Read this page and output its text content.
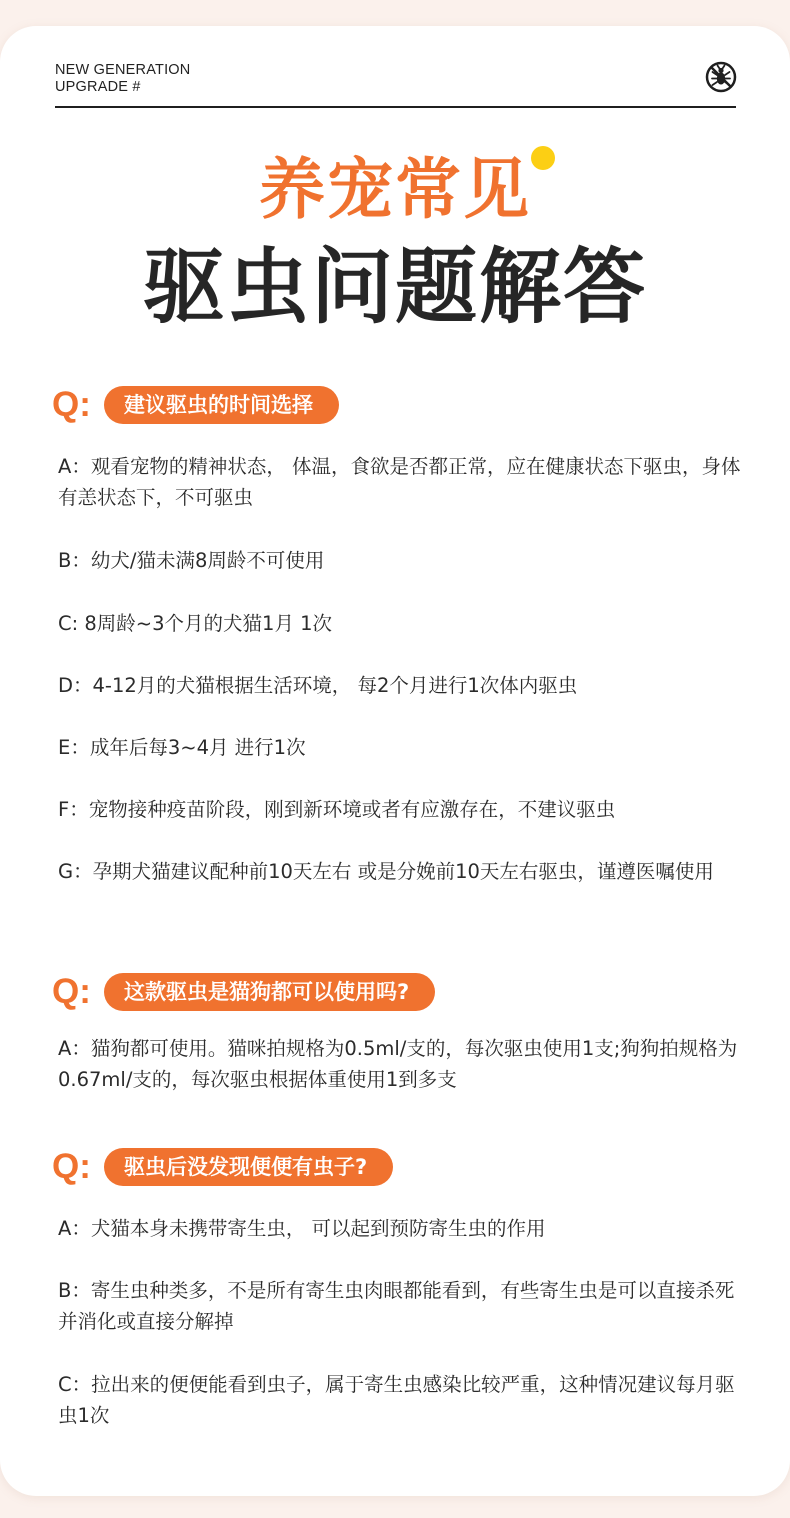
NEW GENERATION
UPGRADE #
养宠常见
驱虫问题解答
Q:	建议驱虫的时间选择
A：观看宠物的精神状态， 体温，食欲是否都正常，应在健康状态下驱虫，身体有恙状态下，不可驱虫
B：幼犬/猫未满8周龄不可使用
C: 8周龄~3个月的犬猫1月 1次
D：4-12月的犬猫根据生活环境， 每2个月进行1次体内驱虫
E：成年后每3~4月 进行1次
F：宠物接种疫苗阶段，刚到新环境或者有应激存在，不建议驱虫
G：孕期犬猫建议配种前10天左右 或是分娩前10天左右驱虫，谨遵医嘱使用
Q:	这款驱虫是猫狗都可以使用吗?
A：猫狗都可使用。猫咪拍规格为0.5ml/支的，每次驱虫使用1支;狗狗拍规格为0.67ml/支的，每次驱虫根据体重使用1到多支
Q:	驱虫后没发现便便有虫子?
A：犬猫本身未携带寄生虫， 可以起到预防寄生虫的作用
B：寄生虫种类多，不是所有寄生虫肉眼都能看到，有些寄生虫是可以直接杀死并消化或直接分解掉
C：拉出来的便便能看到虫子，属于寄生虫感染比较严重，这种情况建议每月驱虫1次
